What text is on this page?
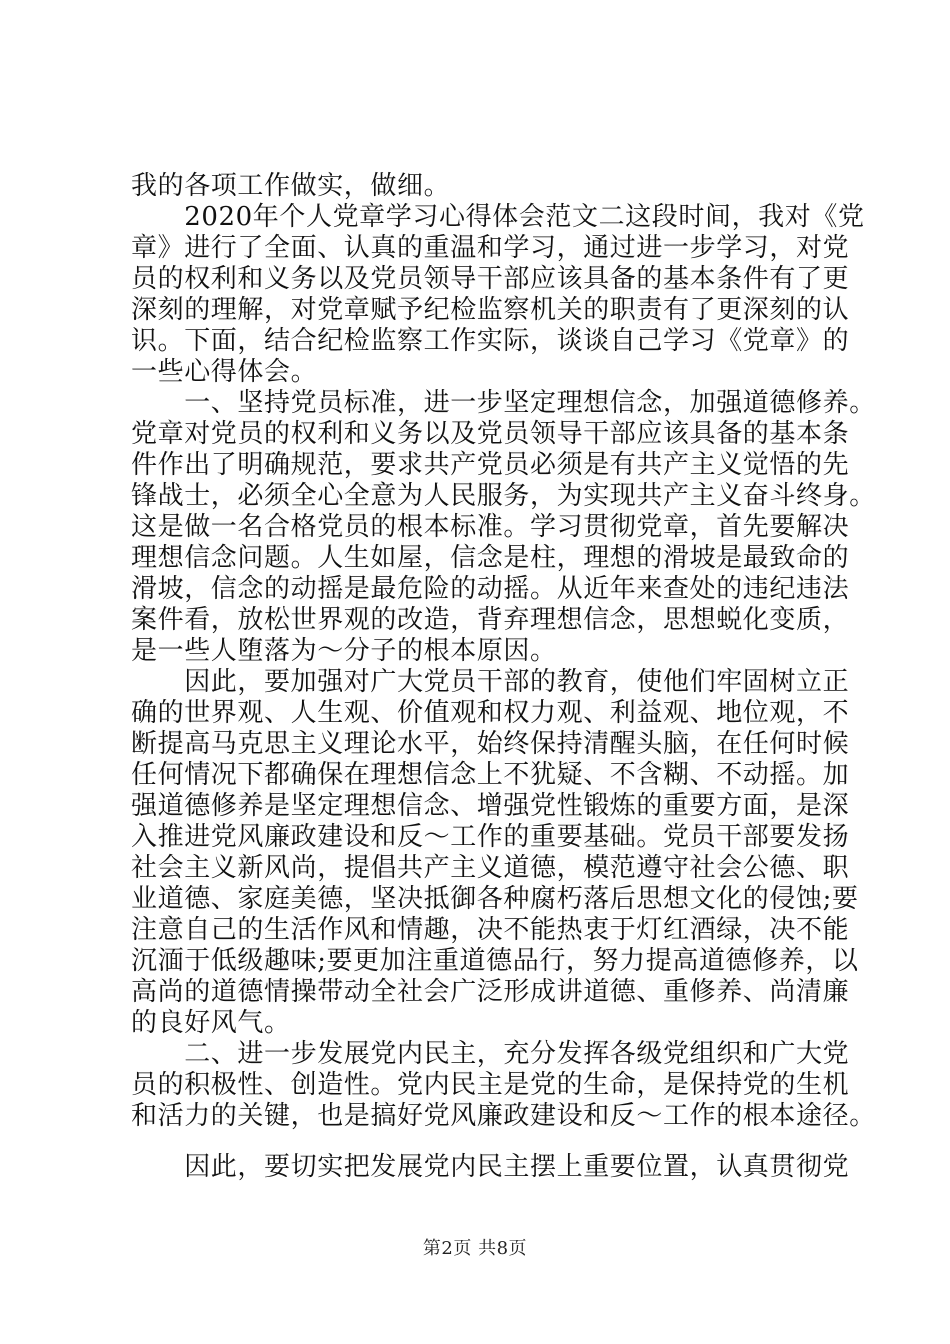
我的各项工作做实，做细。
　　2020年个人党章学习心得体会范文二这段时间，我对《党
章》进行了全面、认真的重温和学习，通过进一步学习，对党
员的权利和义务以及党员领导干部应该具备的基本条件有了更
深刻的理解，对党章赋予纪检监察机关的职责有了更深刻的认
识。下面，结合纪检监察工作实际，谈谈自己学习《党章》的
一些心得体会。
　　一、坚持党员标准，进一步坚定理想信念，加强道德修养。
党章对党员的权利和义务以及党员领导干部应该具备的基本条
件作出了明确规范，要求共产党员必须是有共产主义觉悟的先
锋战士，必须全心全意为人民服务，为实现共产主义奋斗终身。
这是做一名合格党员的根本标准。学习贯彻党章，首先要解决
理想信念问题。人生如屋，信念是柱，理想的滑坡是最致命的
滑坡，信念的动摇是最危险的动摇。从近年来查处的违纪违法
案件看，放松世界观的改造，背弃理想信念，思想蜕化变质，
是一些人堕落为～分子的根本原因。
　　因此，要加强对广大党员干部的教育，使他们牢固树立正
确的世界观、人生观、价值观和权力观、利益观、地位观，不
断提高马克思主义理论水平，始终保持清醒头脑，在任何时候
任何情况下都确保在理想信念上不犹疑、不含糊、不动摇。加
强道德修养是坚定理想信念、增强党性锻炼的重要方面，是深
入推进党风廉政建设和反～工作的重要基础。党员干部要发扬
社会主义新风尚，提倡共产主义道德，模范遵守社会公德、职
业道德、家庭美德，坚决抵御各种腐朽落后思想文化的侵蚀;要
注意自己的生活作风和情趣，决不能热衷于灯红酒绿，决不能
沉湎于低级趣味;要更加注重道德品行，努力提高道德修养，以
高尚的道德情操带动全社会广泛形成讲道德、重修养、尚清廉
的良好风气。
　　二、进一步发展党内民主，充分发挥各级党组织和广大党
员的积极性、创造性。党内民主是党的生命，是保持党的生机
和活力的关键，也是搞好党风廉政建设和反～工作的根本途径。
　　因此，要切实把发展党内民主摆上重要位置，认真贯彻党
第2页 共8页
